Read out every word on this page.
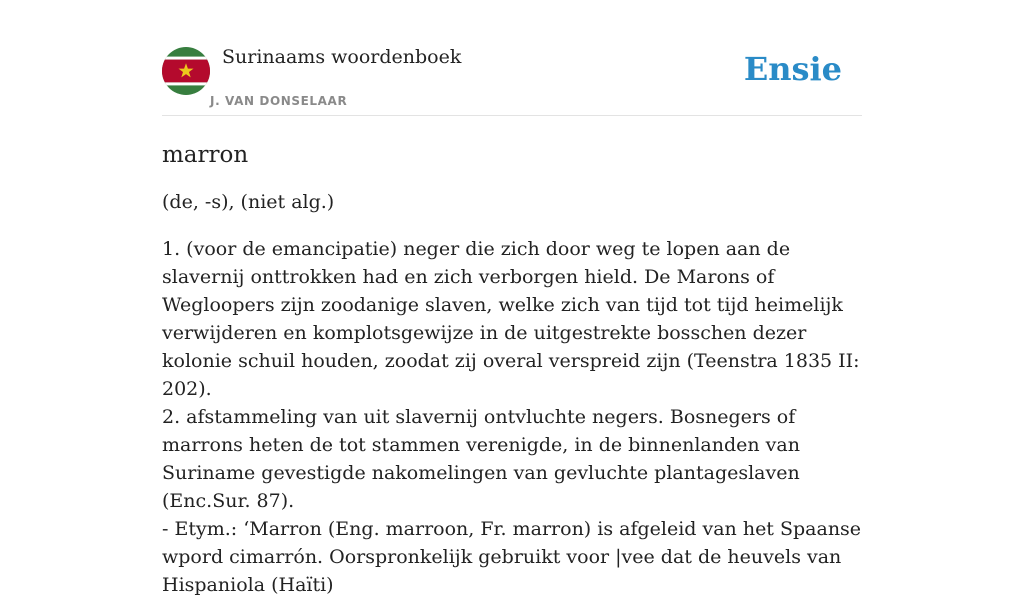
Surinaams woordenboek
J. VAN DONSELAAR
Ensie
marron
(de, -s), (niet alg.)

1. (voor de emancipatie) neger die zich door weg te lopen aan de slavernij onttrokken had en zich verborgen hield. De Marons of Wegloopers zijn zoodanige slaven, welke zich van tijd tot tijd heimelijk verwijderen en komplotsgewijze in de uitgestrekte bosschen dezer kolonie schuil houden, zoodat zij overal verspreid zijn (Teenstra 1835 II: 202).

2. afstammeling van uit slavernij ontvluchte negers. Bosnegers of marrons heten de tot stammen verenigde, in de binnenlanden van Suriname gevestigde nakomelingen van gevluchte plantageslaven (Enc.Sur. 87).

- Etym.: ‘Marron (Eng. marroon, Fr. marron) is afgeleid van het Spaanse wpord cimarrón. Oorspronkelijk gebruikt voor |vee dat de heuvels van Hispaniola (Haïti)
